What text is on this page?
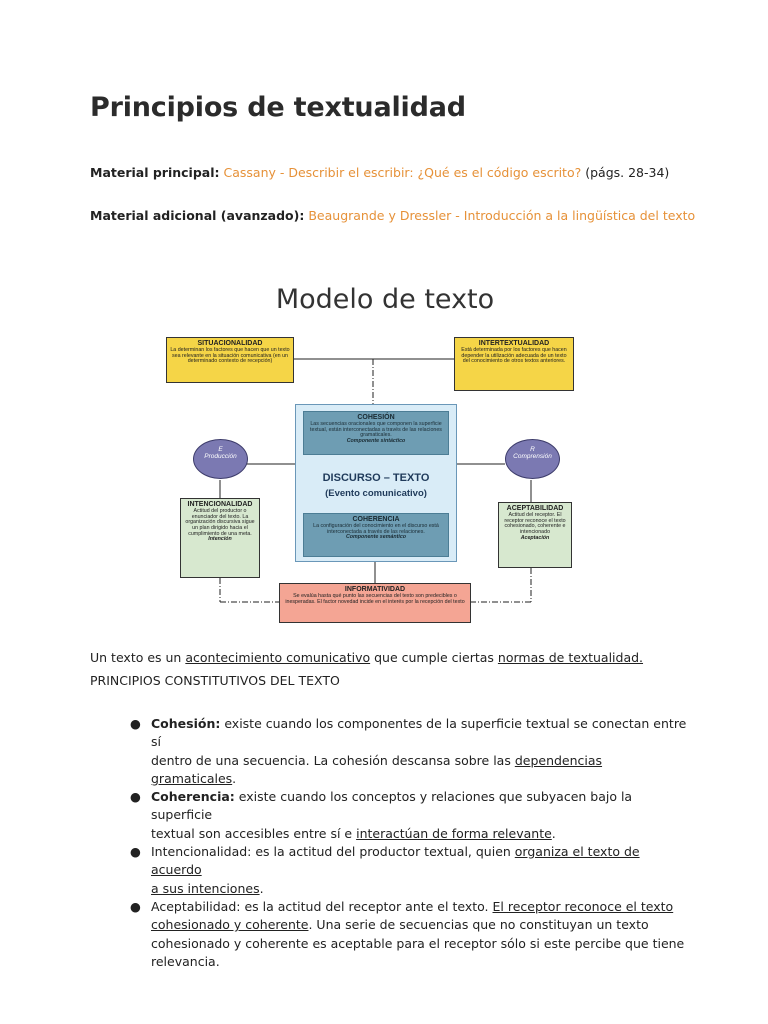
Principios de textualidad
Material principal: Cassany - Describir el escribir: ¿Qué es el código escrito? (págs. 28-34)
Material adicional (avanzado): Beaugrande y Dressler - Introducción a la lingüística del texto
Un texto es un acontecimiento comunicativo que cumple ciertas normas de textualidad.
PRINCIPIOS CONSTITUTIVOS DEL TEXTO
● Cohesión: existe cuando los componentes de la superficie textual se conectan entre sí
dentro de una secuencia. La cohesión descansa sobre las dependencias gramaticales.
● Coherencia: existe cuando los conceptos y relaciones que subyacen bajo la superficie
textual son accesibles entre sí e interactúan de forma relevante.
● Intencionalidad: es la actitud del productor textual, quien organiza el texto de acuerdo
a sus intenciones.
● Aceptabilidad: es la actitud del receptor ante el texto. El receptor reconoce el texto
cohesionado y coherente. Una serie de secuencias que no constituyan un texto
cohesionado y coherente es aceptable para el receptor sólo si este percibe que tiene
relevancia.
Modelo de texto
SITUACIONALIDAD
La determinan los factores que hacen que un texto sea relevante en la situación comunicativa (en un determinado contexto de recepción)
INTERTEXTUALIDAD
Está determinada por los factores que hacen depender la utilización adecuada de un texto del conocimiento de otros textos anteriores.
COHESIÓN
Las secuencias oracionales que componen la superficie textual, están interconectadas a través de las relaciones gramaticales.
Componente sintáctico
DISCURSO – TEXTO
(Evento comunicativo)
COHERENCIA
La configuración del conocimiento en el discurso está interconectada a través de las relaciones.
Componente semántico
E
Producción
R
Comprensión
INTENCIONALIDAD
Actitud del productor o enunciador del texto. La organización discursiva sigue un plan dirigido hacia el cumplimiento de una meta.
Intención
ACEPTABILIDAD
Actitud del receptor. El receptor reconoce el texto cohesionado, coherente e intencionado
Aceptación
INFORMATIVIDAD
Se evalúa hasta qué punto las secuencias del texto son predecibles o inesperadas. El factor novedad incide en el interés por la recepción del texto
